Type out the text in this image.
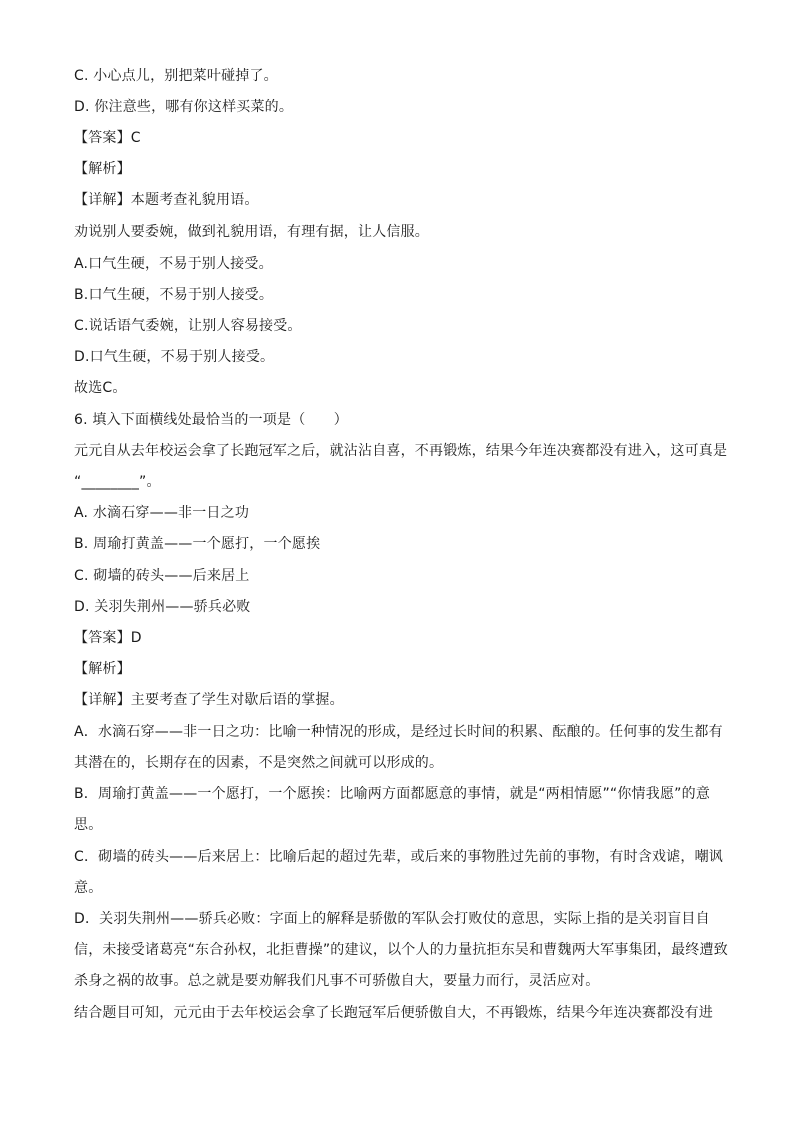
C. 小心点儿，别把菜叶碰掉了。
D. 你注意些，哪有你这样买菜的。
【答案】C
【解析】
【详解】本题考查礼貌用语。
劝说别人要委婉，做到礼貌用语，有理有据，让人信服。
A.口气生硬，不易于别人接受。
B.口气生硬，不易于别人接受。
C.说话语气委婉，让别人容易接受。
D.口气生硬，不易于别人接受。
故选C。
6. 填入下面横线处最恰当的一项是（　　）
元元自从去年校运会拿了长跑冠军之后，就沾沾自喜，不再锻炼，结果今年连决赛都没有进入，这可真是
“________”。
A. 水滴石穿——非一日之功
B. 周瑜打黄盖——一个愿打，一个愿挨
C. 砌墙的砖头——后来居上
D. 关羽失荆州——骄兵必败
【答案】D
【解析】
【详解】主要考查了学生对歇后语的掌握。
A．水滴石穿——非一日之功：比喻一种情况的形成，是经过长时间的积累、酝酿的。任何事的发生都有
其潜在的，长期存在的因素，不是突然之间就可以形成的。
B．周瑜打黄盖——一个愿打，一个愿挨：比喻两方面都愿意的事情，就是“两相情愿”“你情我愿”的意
思。
C．砌墙的砖头——后来居上：比喻后起的超过先辈，或后来的事物胜过先前的事物，有时含戏谑，嘲讽
意。
D．关羽失荆州——骄兵必败：字面上的解释是骄傲的军队会打败仗的意思，实际上指的是关羽盲目自
信，未接受诸葛亮“东合孙权，北拒曹操”的建议，以个人的力量抗拒东吴和曹魏两大军事集团，最终遭致
杀身之祸的故事。总之就是要劝解我们凡事不可骄傲自大，要量力而行，灵活应对。
结合题目可知，元元由于去年校运会拿了长跑冠军后便骄傲自大，不再锻炼，结果今年连决赛都没有进
